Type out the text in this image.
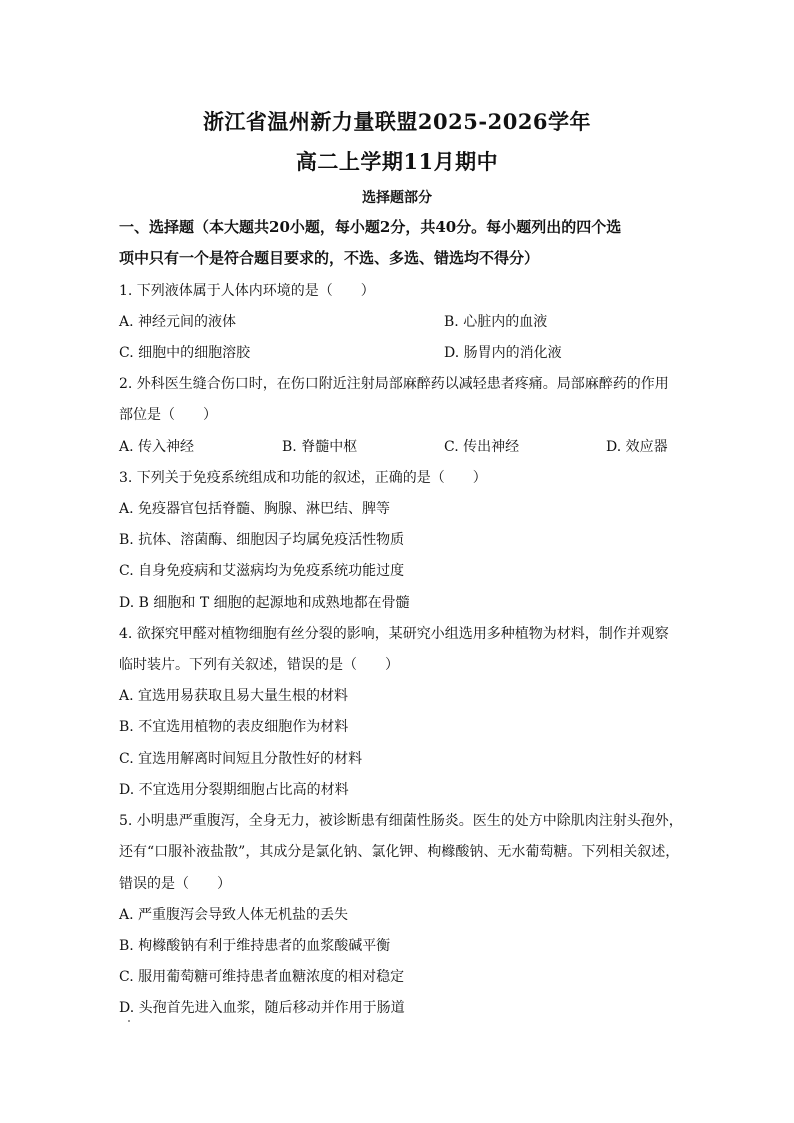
浙江省温州新力量联盟2025-2026学年
高二上学期11月期中
选择题部分
一、选择题（本大题共20小题，每小题2分，共40分。每小题列出的四个选
项中只有一个是符合题目要求的，不选、多选、错选均不得分）
1. 下列液体属于人体内环境的是（　　）
A. 神经元间的液体	B. 心脏内的血液
C. 细胞中的细胞溶胶	D. 肠胃内的消化液
2. 外科医生缝合伤口时，在伤口附近注射局部麻醉药以减轻患者疼痛。局部麻醉药的作用
部位是（　　）
A. 传入神经	B. 脊髓中枢	C. 传出神经	D. 效应器
3. 下列关于免疫系统组成和功能的叙述，正确的是（　　）
A. 免疫器官包括脊髓、胸腺、淋巴结、脾等
B. 抗体、溶菌酶、细胞因子均属免疫活性物质
C. 自身免疫病和艾滋病均为免疫系统功能过度
D. B 细胞和 T 细胞的起源地和成熟地都在骨髓
4. 欲探究甲醛对植物细胞有丝分裂的影响，某研究小组选用多种植物为材料，制作并观察
临时装片。下列有关叙述，错误的是（　　）
A. 宜选用易获取且易大量生根的材料
B. 不宜选用植物的表皮细胞作为材料
C. 宜选用解离时间短且分散性好的材料
D. 不宜选用分裂期细胞占比高的材料
5. 小明患严重腹泻，全身无力，被诊断患有细菌性肠炎。医生的处方中除肌肉注射头孢外，
还有“口服补液盐散”，其成分是氯化钠、氯化钾、枸橼酸钠、无水葡萄糖。下列相关叙述，
错误的是（　　）
A. 严重腹泻会导致人体无机盐的丢失
B. 枸橼酸钠有利于维持患者的血浆酸碱平衡
C. 服用葡萄糖可维持患者血糖浓度的相对稳定
D. 头孢首先进入血浆，随后移动并作用于肠道
